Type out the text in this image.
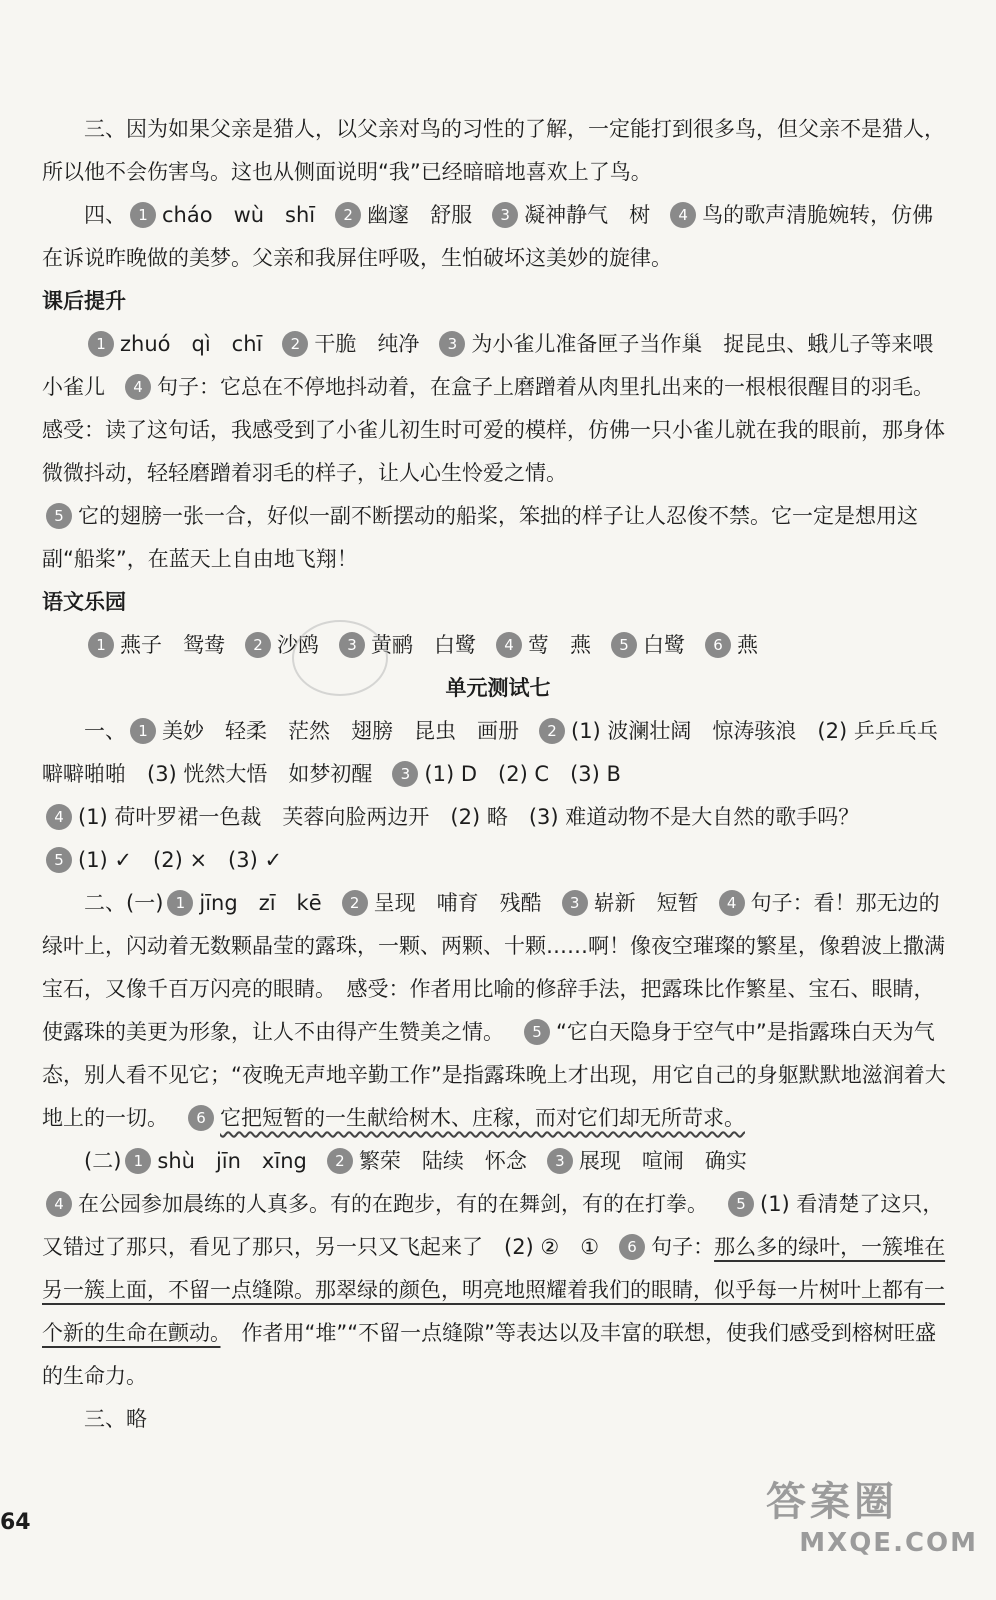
三、因为如果父亲是猎人，以父亲对鸟的习性的了解，一定能打到很多鸟，但父亲不是猎人，所以他不会伤害鸟。这也从侧面说明“我”已经暗暗地喜欢上了鸟。

四、 1 cháo　wù　shī 2 幽邃　舒服 3 凝神静气　树 4 鸟的歌声清脆婉转，仿佛在诉说昨晚做的美梦。父亲和我屏住呼吸，生怕破坏这美妙的旋律。

课后提升

1 zhuó　qì　chī 2 干脆　纯净 3 为小雀儿准备匣子当作巢　捉昆虫、蛾儿子等来喂小雀儿 4 句子：它总在不停地抖动着，在盒子上磨蹭着从肉里扎出来的一根根很醒目的羽毛。　感受：读了这句话，我感受到了小雀儿初生时可爱的模样，仿佛一只小雀儿就在我的眼前，那身体微微抖动，轻轻磨蹭着羽毛的样子，让人心生怜爱之情。

5 它的翅膀一张一合，好似一副不断摆动的船桨，笨拙的样子让人忍俊不禁。它一定是想用这副“船桨”，在蓝天上自由地飞翔！

语文乐园

1 燕子　鸳鸯 2 沙鸥 3 黄鹂　白鹭 4 莺　燕 5 白鹭 6 燕

单元测试七

一、 1 美妙　轻柔　茫然　翅膀　昆虫　画册 2 (1) 波澜壮阔　惊涛骇浪　(2) 乒乒乓乓　噼噼啪啪　(3) 恍然大悟　如梦初醒 3 (1) D　(2) C　(3) B

4 (1) 荷叶罗裙一色裁　芙蓉向脸两边开　(2) 略　(3) 难道动物不是大自然的歌手吗？

5 (1) ✓　(2) ×　(3) ✓

二、(一) 1 jīng　zī　kē 2 呈现　哺育　残酷 3 崭新　短暂 4 句子：看！那无边的绿叶上，闪动着无数颗晶莹的露珠，一颗、两颗、十颗……啊！像夜空璀璨的繁星，像碧波上撒满宝石，又像千百万闪亮的眼睛。　感受：作者用比喻的修辞手法，把露珠比作繁星、宝石、眼睛，使露珠的美更为形象，让人不由得产生赞美之情。 5 “它白天隐身于空气中”是指露珠白天为气态，别人看不见它；“夜晚无声地辛勤工作”是指露珠晚上才出现，用它自己的身躯默默地滋润着大地上的一切。 6 它把短暂的一生献给树木、庄稼，而对它们却无所苛求。

(二) 1 shù　jīn　xīng 2 繁荣　陆续　怀念 3 展现　喧闹　确实

4 在公园参加晨练的人真多。有的在跑步，有的在舞剑，有的在打拳。 5 (1) 看清楚了这只，又错过了那只，看见了那只，另一只又飞起来了　(2) ②　① 6 句子：那么多的绿叶，一簇堆在另一簇上面，不留一点缝隙。那翠绿的颜色，明亮地照耀着我们的眼睛，似乎每一片树叶上都有一个新的生命在颤动。　作者用“堆”“不留一点缝隙”等表达以及丰富的联想，使我们感受到榕树旺盛的生命力。

三、略

64	答案圈
MXQE.COM
